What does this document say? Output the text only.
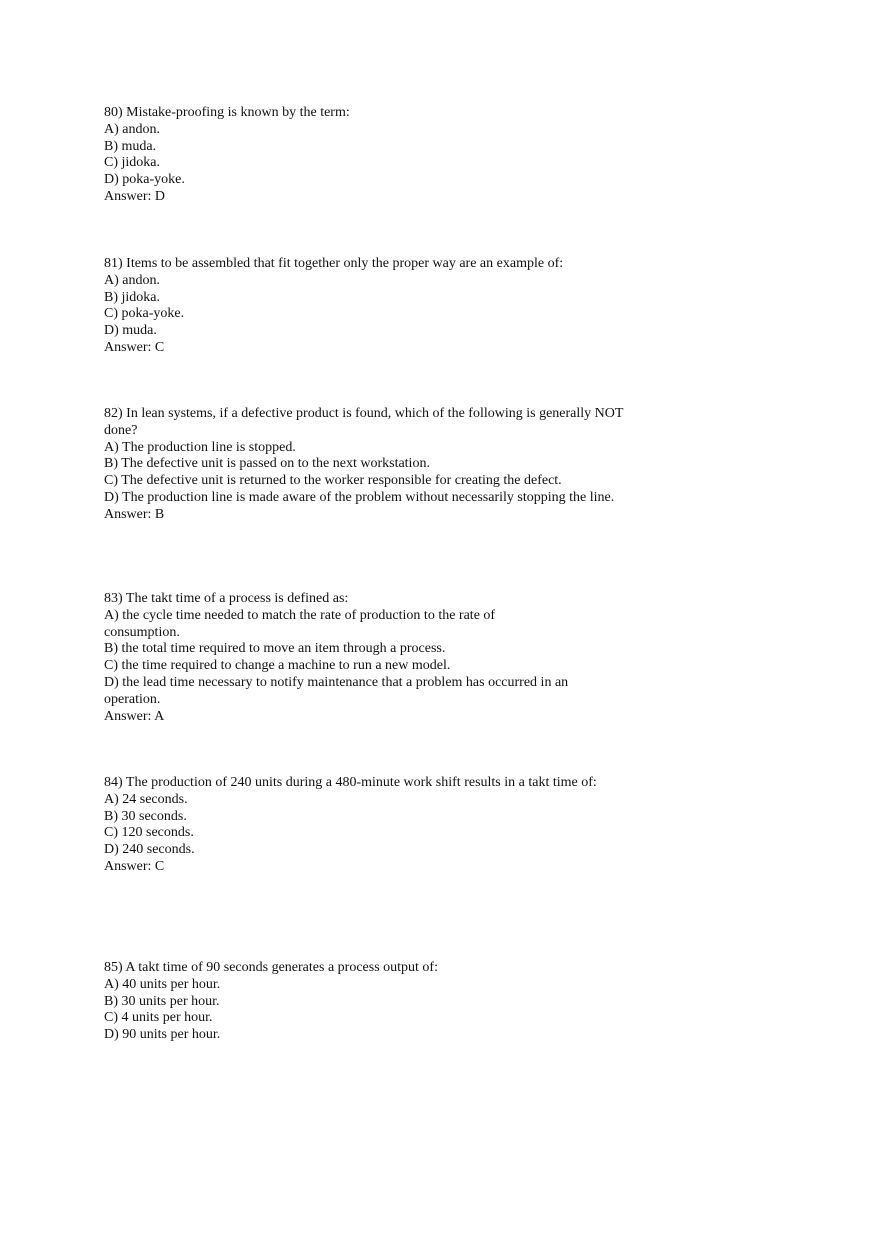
80) Mistake-proofing is known by the term:
A) andon.
B) muda.
C) jidoka.
D) poka-yoke.
Answer: D
81) Items to be assembled that fit together only the proper way are an example of:
A) andon.
B) jidoka.
C) poka-yoke.
D) muda.
Answer: C
82) In lean systems, if a defective product is found, which of the following is generally NOT
done?
A) The production line is stopped.
B) The defective unit is passed on to the next workstation.
C) The defective unit is returned to the worker responsible for creating the defect.
D) The production line is made aware of the problem without necessarily stopping the line.
Answer: B
83) The takt time of a process is defined as:
A) the cycle time needed to match the rate of production to the rate of
consumption.
B) the total time required to move an item through a process.
C) the time required to change a machine to run a new model.
D) the lead time necessary to notify maintenance that a problem has occurred in an
operation.
Answer: A
84) The production of 240 units during a 480-minute work shift results in a takt time of:
A) 24 seconds.
B) 30 seconds.
C) 120 seconds.
D) 240 seconds.
Answer: C
85) A takt time of 90 seconds generates a process output of:
A) 40 units per hour.
B) 30 units per hour.
C) 4 units per hour.
D) 90 units per hour.
